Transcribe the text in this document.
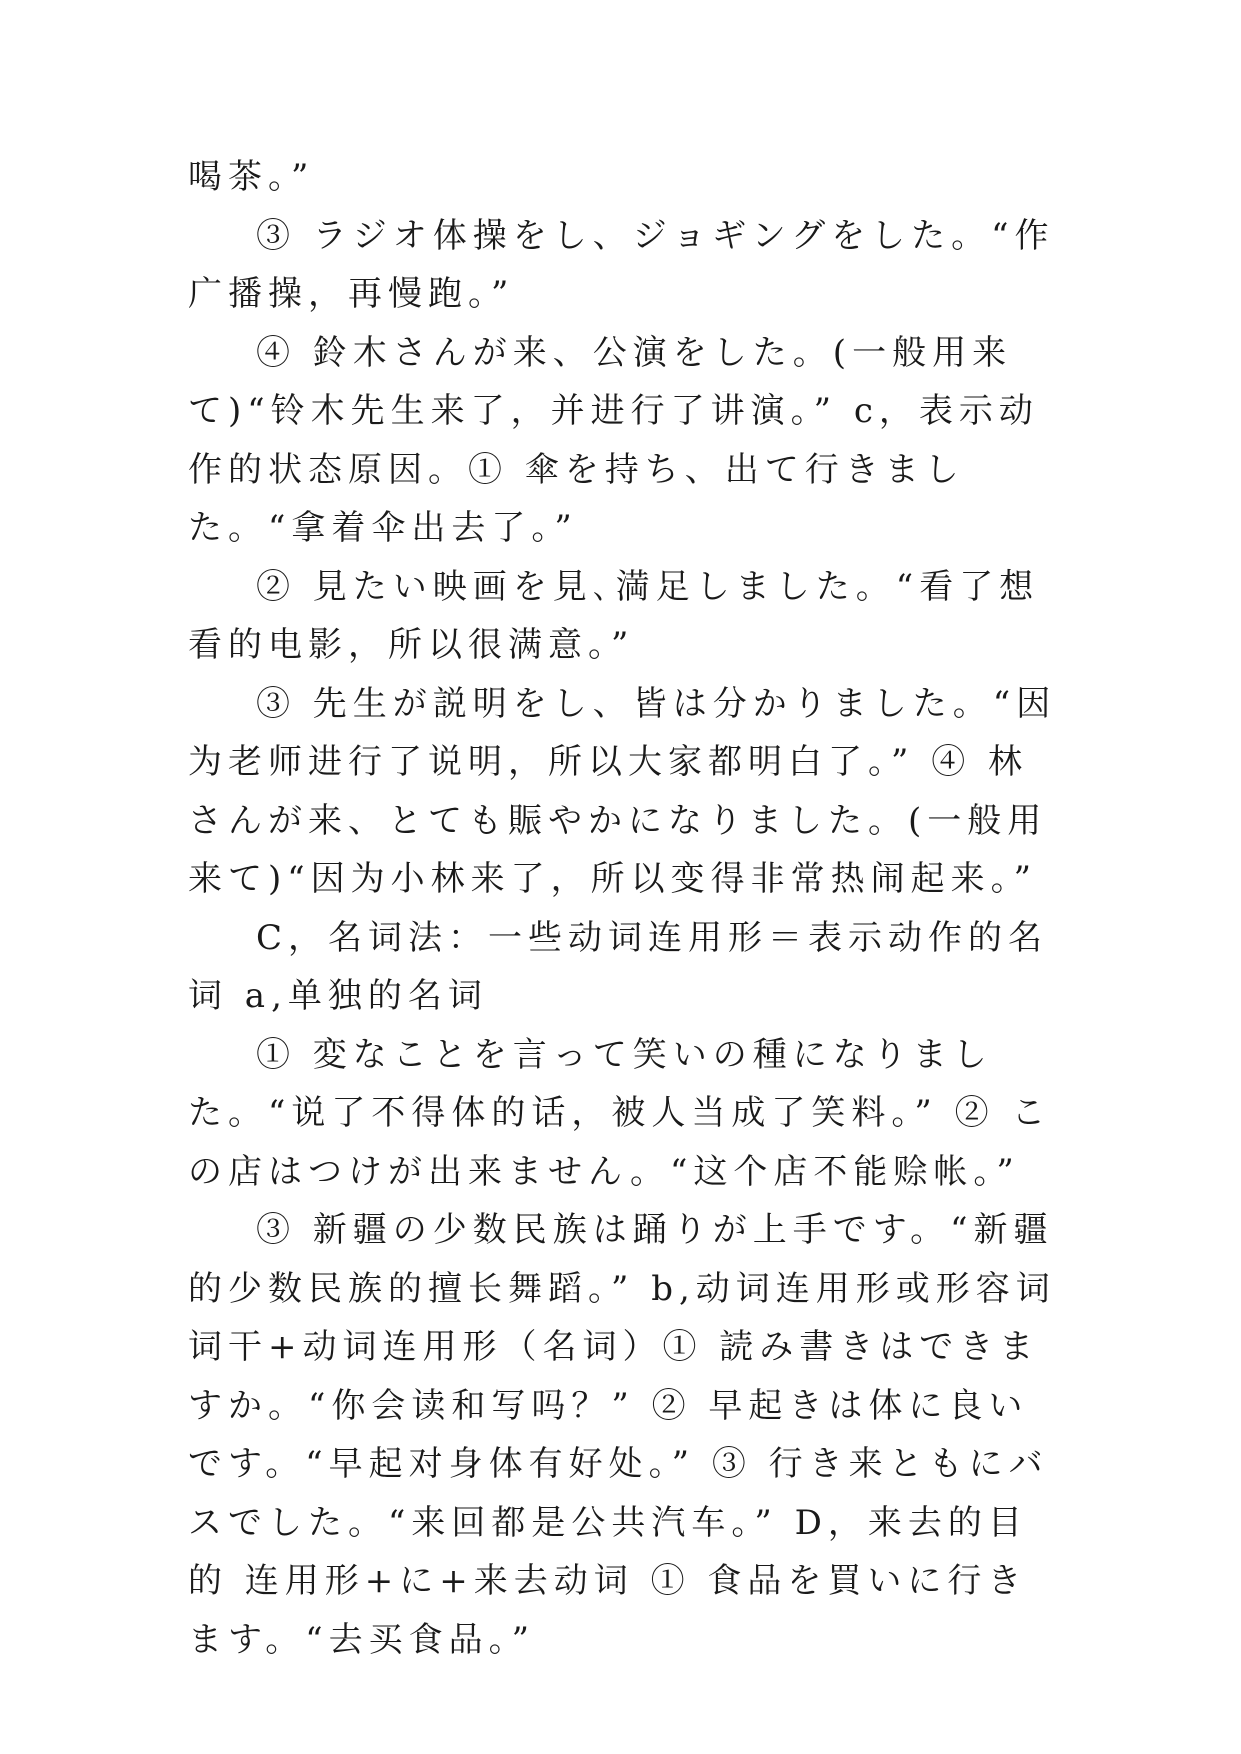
喝茶。”

③ ラジオ体操をし、ジョギングをした。“作广播操，再慢跑。”

④ 鈴木さんが来、公演をした。(一般用来て)“铃木先生来了，并进行了讲演。” c，表示动作的状态原因。① 傘を持ち、出て行きました。“拿着伞出去了。”

② 見たい映画を見､満足しました。“看了想看的电影，所以很满意。”

③ 先生が説明をし、皆は分かりました。“因为老师进行了说明，所以大家都明白了。” ④ 林さんが来、とても賑やかになりました。(一般用来て)“因为小林来了，所以变得非常热闹起来。”

C，名词法：一些动词连用形＝表示动作的名词 a,单独的名词

① 変なことを言って笑いの種になりました。“说了不得体的话，被人当成了笑料。” ② この店はつけが出来ません。“这个店不能赊帐。”

③ 新疆の少数民族は踊りが上手です。“新疆的少数民族的擅长舞蹈。” b,动词连用形或形容词词干+动词连用形（名词）① 読み書きはできますか。“你会读和写吗？” ② 早起きは体に良いです。“早起对身体有好处。” ③ 行き来ともにバスでした。“来回都是公共汽车。” D，来去的目的 连用形+に+来去动词 ① 食品を買いに行きます。“去买食品。”
